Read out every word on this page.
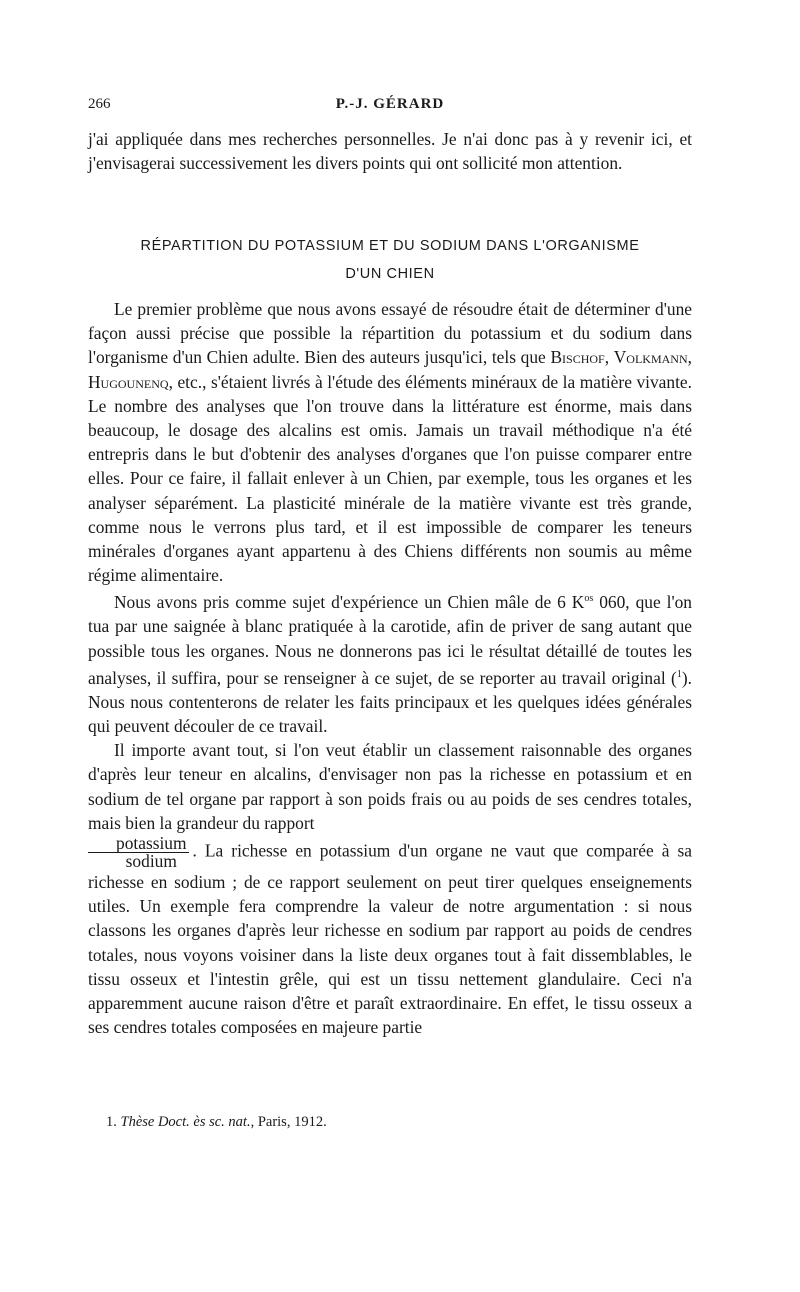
266	P.-J. GÉRARD

j'ai appliquée dans mes recherches personnelles. Je n'ai donc pas à y revenir ici, et j'envisagerai successivement les divers points qui ont sollicité mon attention.

RÉPARTITION DU POTASSIUM ET DU SODIUM DANS L'ORGANISME
D'UN CHIEN

Le premier problème que nous avons essayé de résoudre était de déterminer d'une façon aussi précise que possible la répartition du potassium et du sodium dans l'organisme d'un Chien adulte. Bien des auteurs jusqu'ici, tels que Bischof, Volkmann, Hugounenq, etc., s'étaient livrés à l'étude des éléments minéraux de la matière vivante. Le nombre des analyses que l'on trouve dans la littérature est énorme, mais dans beaucoup, le dosage des alcalins est omis. Jamais un travail méthodique n'a été entrepris dans le but d'obtenir des analyses d'organes que l'on puisse comparer entre elles. Pour ce faire, il fallait enlever à un Chien, par exemple, tous les organes et les analyser séparément. La plasticité minérale de la matière vivante est très grande, comme nous le verrons plus tard, et il est impossible de comparer les teneurs minérales d'organes ayant appartenu à des Chiens différents non soumis au même régime alimentaire.

Nous avons pris comme sujet d'expérience un Chien mâle de 6 $K^{os}$ 060, que l'on tua par une saignée à blanc pratiquée à la carotide, afin de priver de sang autant que possible tous les organes. Nous ne donnerons pas ici le résultat détaillé de toutes les analyses, il suffira, pour se renseigner à ce sujet, de se reporter au travail original ($^1$). Nous nous contenterons de relater les faits principaux et les quelques idées générales qui peuvent découler de ce travail.

Il importe avant tout, si l'on veut établir un classement raisonnable des organes d'après leur teneur en alcalins, d'envisager non pas la richesse en potassium et en sodium de tel organe par rapport à son poids frais ou au poids de ses cendres totales, mais bien la grandeur du rapport

$\frac{\text{potassium}}{\text{sodium}}$ . La richesse en potassium d'un organe ne vaut que comparée à sa richesse en sodium ; de ce rapport seulement on peut tirer quelques enseignements utiles. Un exemple fera comprendre la valeur de notre argumentation : si nous classons les organes d'après leur richesse en sodium par rapport au poids de cendres totales, nous voyons voisiner dans la liste deux organes tout à fait dissemblables, le tissu osseux et l'intestin grêle, qui est un tissu nettement glandulaire. Ceci n'a apparemment aucune raison d'être et paraît extraordinaire. En effet, le tissu osseux a ses cendres totales composées en majeure partie

1. Thèse Doct. ès sc. nat., Paris, 1912.
